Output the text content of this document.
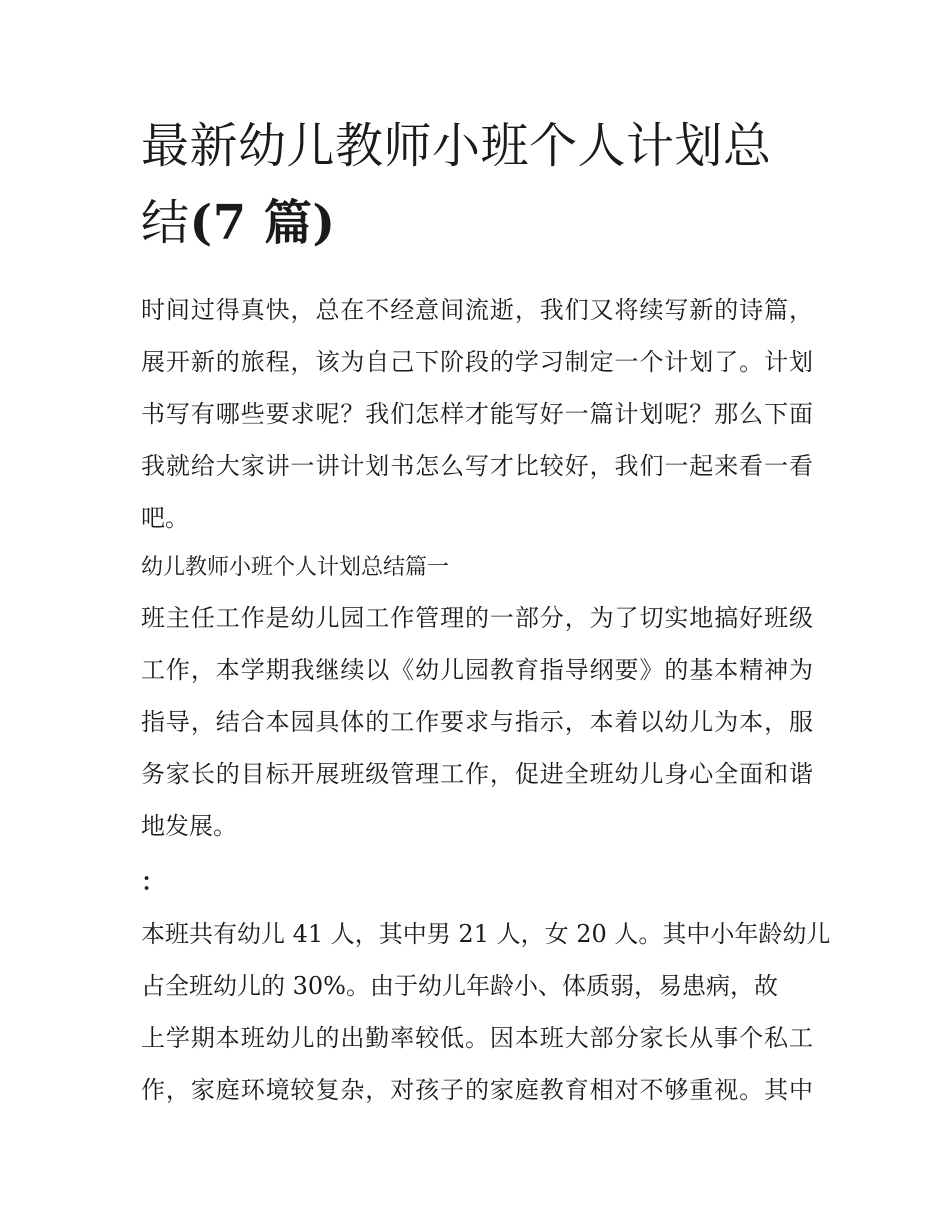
最新幼儿教师小班个人计划总
结(7 篇)
时间过得真快，总在不经意间流逝，我们又将续写新的诗篇，
展开新的旅程，该为自己下阶段的学习制定一个计划了。计划
书写有哪些要求呢？我们怎样才能写好一篇计划呢？那么下面
我就给大家讲一讲计划书怎么写才比较好，我们一起来看一看
吧。
幼儿教师小班个人计划总结篇一
班主任工作是幼儿园工作管理的一部分，为了切实地搞好班级
工作，本学期我继续以《幼儿园教育指导纲要》的基本精神为
指导，结合本园具体的工作要求与指示，本着以幼儿为本，服
务家长的目标开展班级管理工作，促进全班幼儿身心全面和谐
地发展。
：
本班共有幼儿 41 人，其中男 21 人，女 20 人。其中小年龄幼儿
占全班幼儿的 30%。由于幼儿年龄小、体质弱，易患病，故
上学期本班幼儿的出勤率较低。因本班大部分家长从事个私工
作，家庭环境较复杂，对孩子的家庭教育相对不够重视。其中
